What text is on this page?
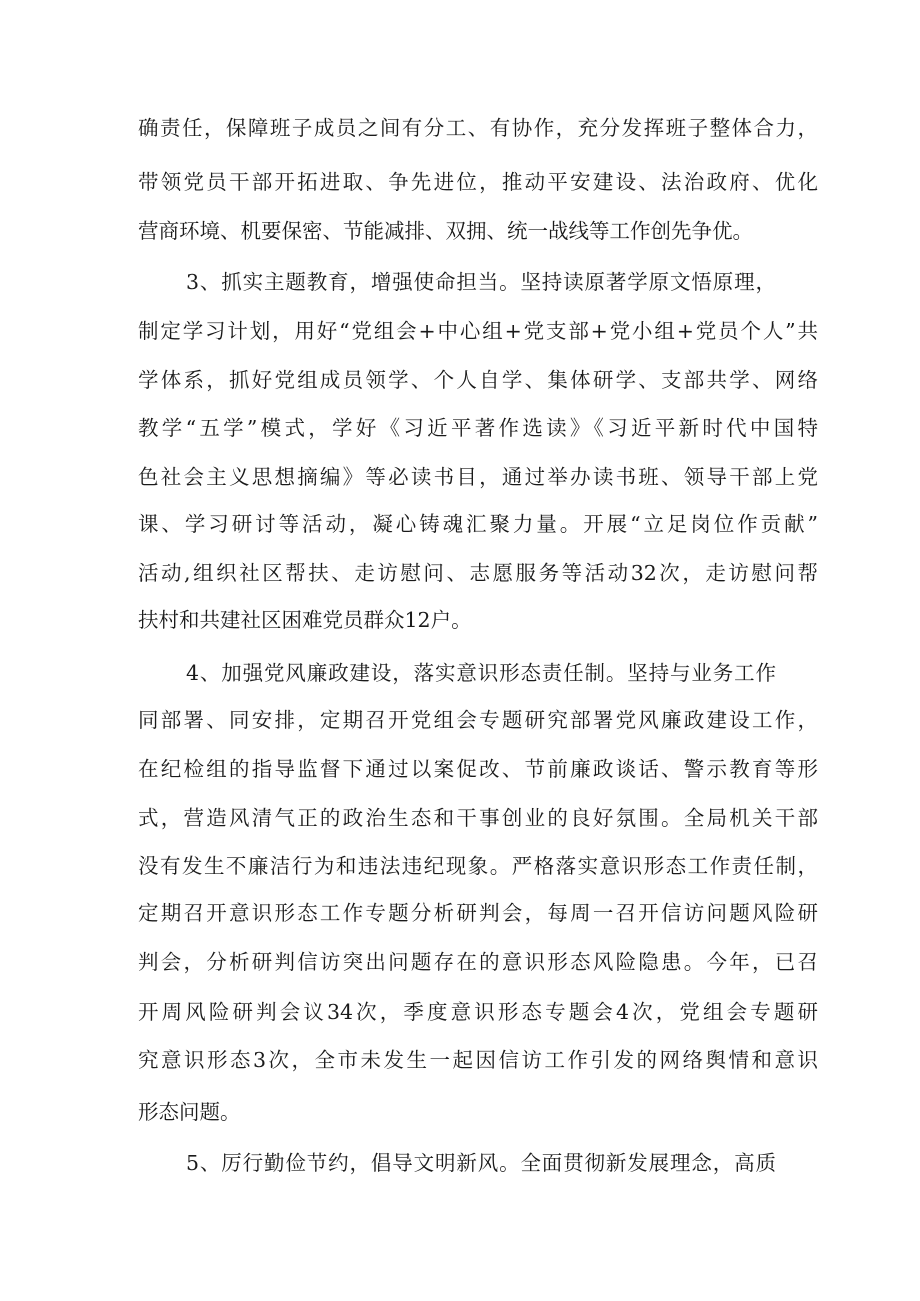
确责任，保障班子成员之间有分工、有协作，充分发挥班子整体合力，
带领党员干部开拓进取、争先进位，推动平安建设、法治政府、优化
营商环境、机要保密、节能减排、双拥、统一战线等工作创先争优。
3、抓实主题教育，增强使命担当。坚持读原著学原文悟原理，
制定学习计划，用好“党组会+中心组+党支部+党小组+党员个人”共
学体系，抓好党组成员领学、个人自学、集体研学、支部共学、网络
教学“五学”模式，学好《习近平著作选读》《习近平新时代中国特
色社会主义思想摘编》等必读书目，通过举办读书班、领导干部上党
课、学习研讨等活动，凝心铸魂汇聚力量。开展“立足岗位作贡献”
活动,组织社区帮扶、走访慰问、志愿服务等活动32次，走访慰问帮
扶村和共建社区困难党员群众12户。
4、加强党风廉政建设，落实意识形态责任制。坚持与业务工作
同部署、同安排，定期召开党组会专题研究部署党风廉政建设工作，
在纪检组的指导监督下通过以案促改、节前廉政谈话、警示教育等形
式，营造风清气正的政治生态和干事创业的良好氛围。全局机关干部
没有发生不廉洁行为和违法违纪现象。严格落实意识形态工作责任制，
定期召开意识形态工作专题分析研判会，每周一召开信访问题风险研
判会，分析研判信访突出问题存在的意识形态风险隐患。今年，已召
开周风险研判会议34次，季度意识形态专题会4次，党组会专题研
究意识形态3次，全市未发生一起因信访工作引发的网络舆情和意识
形态问题。
5、厉行勤俭节约，倡导文明新风。全面贯彻新发展理念，高质
